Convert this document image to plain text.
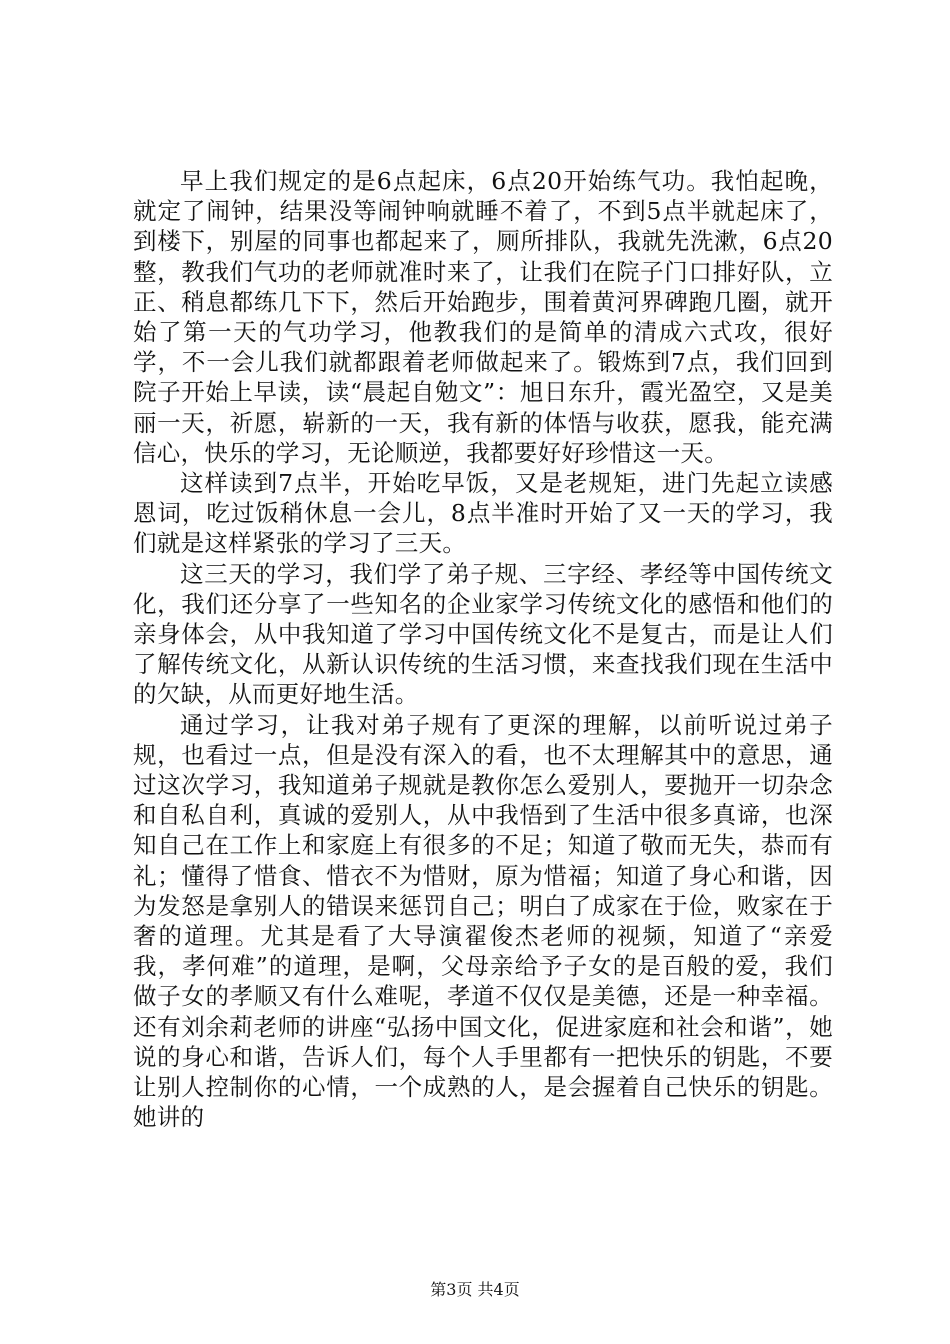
早上我们规定的是6点起床，6点20开始练气功。我怕起晚，就定了闹钟，结果没等闹钟响就睡不着了，不到5点半就起床了，到楼下，别屋的同事也都起来了，厕所排队，我就先洗漱，6点20整，教我们气功的老师就准时来了，让我们在院子门口排好队，立正、稍息都练几下下，然后开始跑步，围着黄河界碑跑几圈，就开始了第一天的气功学习，他教我们的是简单的清成六式攻，很好学，不一会儿我们就都跟着老师做起来了。锻炼到7点，我们回到院子开始上早读，读“晨起自勉文”：旭日东升，霞光盈空，又是美丽一天，祈愿，崭新的一天，我有新的体悟与收获，愿我，能充满信心，快乐的学习，无论顺逆，我都要好好珍惜这一天。

这样读到7点半，开始吃早饭，又是老规矩，进门先起立读感恩词，吃过饭稍休息一会儿，8点半准时开始了又一天的学习，我们就是这样紧张的学习了三天。

这三天的学习，我们学了弟子规、三字经、孝经等中国传统文化，我们还分享了一些知名的企业家学习传统文化的感悟和他们的亲身体会，从中我知道了学习中国传统文化不是复古，而是让人们了解传统文化，从新认识传统的生活习惯，来查找我们现在生活中的欠缺，从而更好地生活。

通过学习，让我对弟子规有了更深的理解，以前听说过弟子规，也看过一点，但是没有深入的看，也不太理解其中的意思，通过这次学习，我知道弟子规就是教你怎么爱别人，要抛开一切杂念和自私自利，真诚的爱别人，从中我悟到了生活中很多真谛，也深知自己在工作上和家庭上有很多的不足；知道了敬而无失，恭而有礼；懂得了惜食、惜衣不为惜财，原为惜福；知道了身心和谐，因为发怒是拿别人的错误来惩罚自己；明白了成家在于俭，败家在于奢的道理。尤其是看了大导演翟俊杰老师的视频，知道了“亲爱我，孝何难”的道理，是啊，父母亲给予子女的是百般的爱，我们做子女的孝顺又有什么难呢，孝道不仅仅是美德，还是一种幸福。还有刘余莉老师的讲座“弘扬中国文化，促进家庭和社会和谐”，她说的身心和谐，告诉人们，每个人手里都有一把快乐的钥匙，不要让别人控制你的心情，一个成熟的人，是会握着自己快乐的钥匙。她讲的

第3页 共4页
